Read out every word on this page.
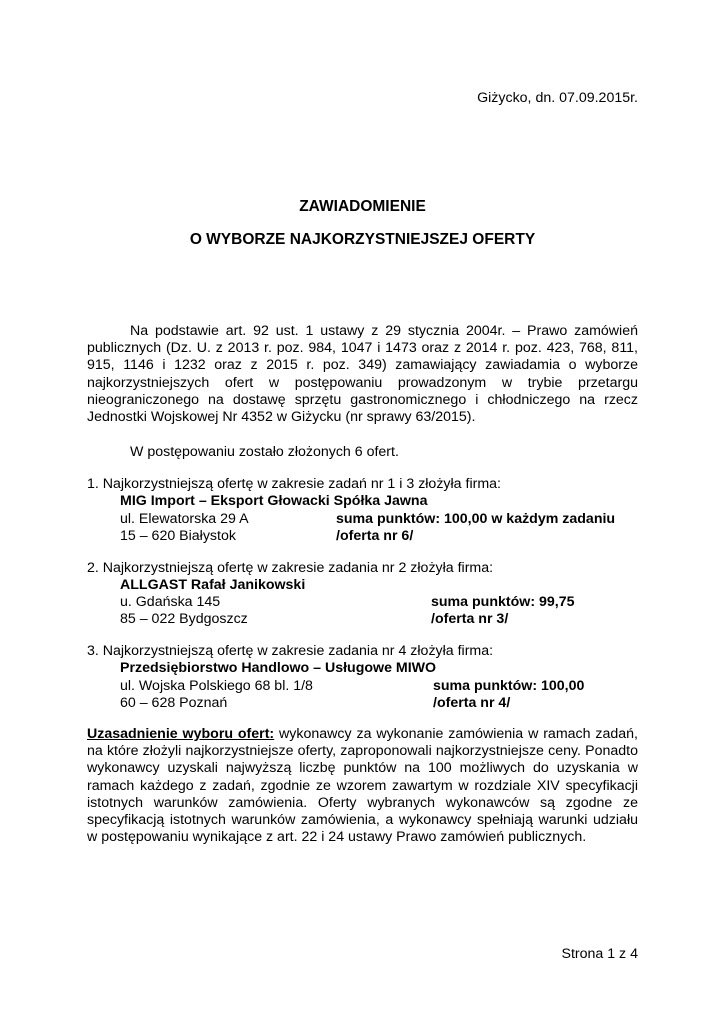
Giżycko, dn. 07.09.2015r.
ZAWIADOMIENIE
O WYBORZE NAJKORZYSTNIEJSZEJ OFERTY

Na podstawie art. 92 ust. 1 ustawy z 29 stycznia 2004r. – Prawo zamówień publicznych (Dz. U. z 2013 r. poz. 984, 1047 i 1473 oraz z 2014 r. poz. 423, 768, 811, 915, 1146 i 1232 oraz z 2015 r. poz. 349) zamawiający zawiadamia o wyborze najkorzystniejszych ofert w postępowaniu prowadzonym w trybie przetargu nieograniczonego na dostawę sprzętu gastronomicznego i chłodniczego na rzecz Jednostki Wojskowej Nr 4352 w Giżycku (nr sprawy 63/2015).

W postępowaniu zostało złożonych 6 ofert.
1. Najkorzystniejszą ofertę w zakresie zadań nr 1 i 3 złożyła firma:
MIG Import – Eksport Głowacki Spółka Jawna
ul. Elewatorska 29 A
15 – 620 Białystok
suma punktów: 100,00 w każdym zadaniu
/oferta nr 6/
2. Najkorzystniejszą ofertę w zakresie zadania nr 2 złożyła firma:
ALLGAST Rafał Janikowski
u. Gdańska 145
85 – 022 Bydgoszcz
suma punktów: 99,75
/oferta nr 3/
3. Najkorzystniejszą ofertę w zakresie zadania nr 4 złożyła firma:
Przedsiębiorstwo Handlowo – Usługowe MIWO
ul. Wojska Polskiego 68 bl. 1/8
60 – 628 Poznań
suma punktów: 100,00
/oferta nr 4/

Uzasadnienie wyboru ofert: wykonawcy za wykonanie zamówienia w ramach zadań, na które złożyli najkorzystniejsze oferty, zaproponowali najkorzystniejsze ceny. Ponadto wykonawcy uzyskali najwyższą liczbę punktów na 100 możliwych do uzyskania w ramach każdego z zadań, zgodnie ze wzorem zawartym w rozdziale XIV specyfikacji istotnych warunków zamówienia. Oferty wybranych wykonawców są zgodne ze specyfikacją istotnych warunków zamówienia, a wykonawcy spełniają warunki udziału w postępowaniu wynikające z art. 22 i 24 ustawy Prawo zamówień publicznych.

Strona 1 z 4
